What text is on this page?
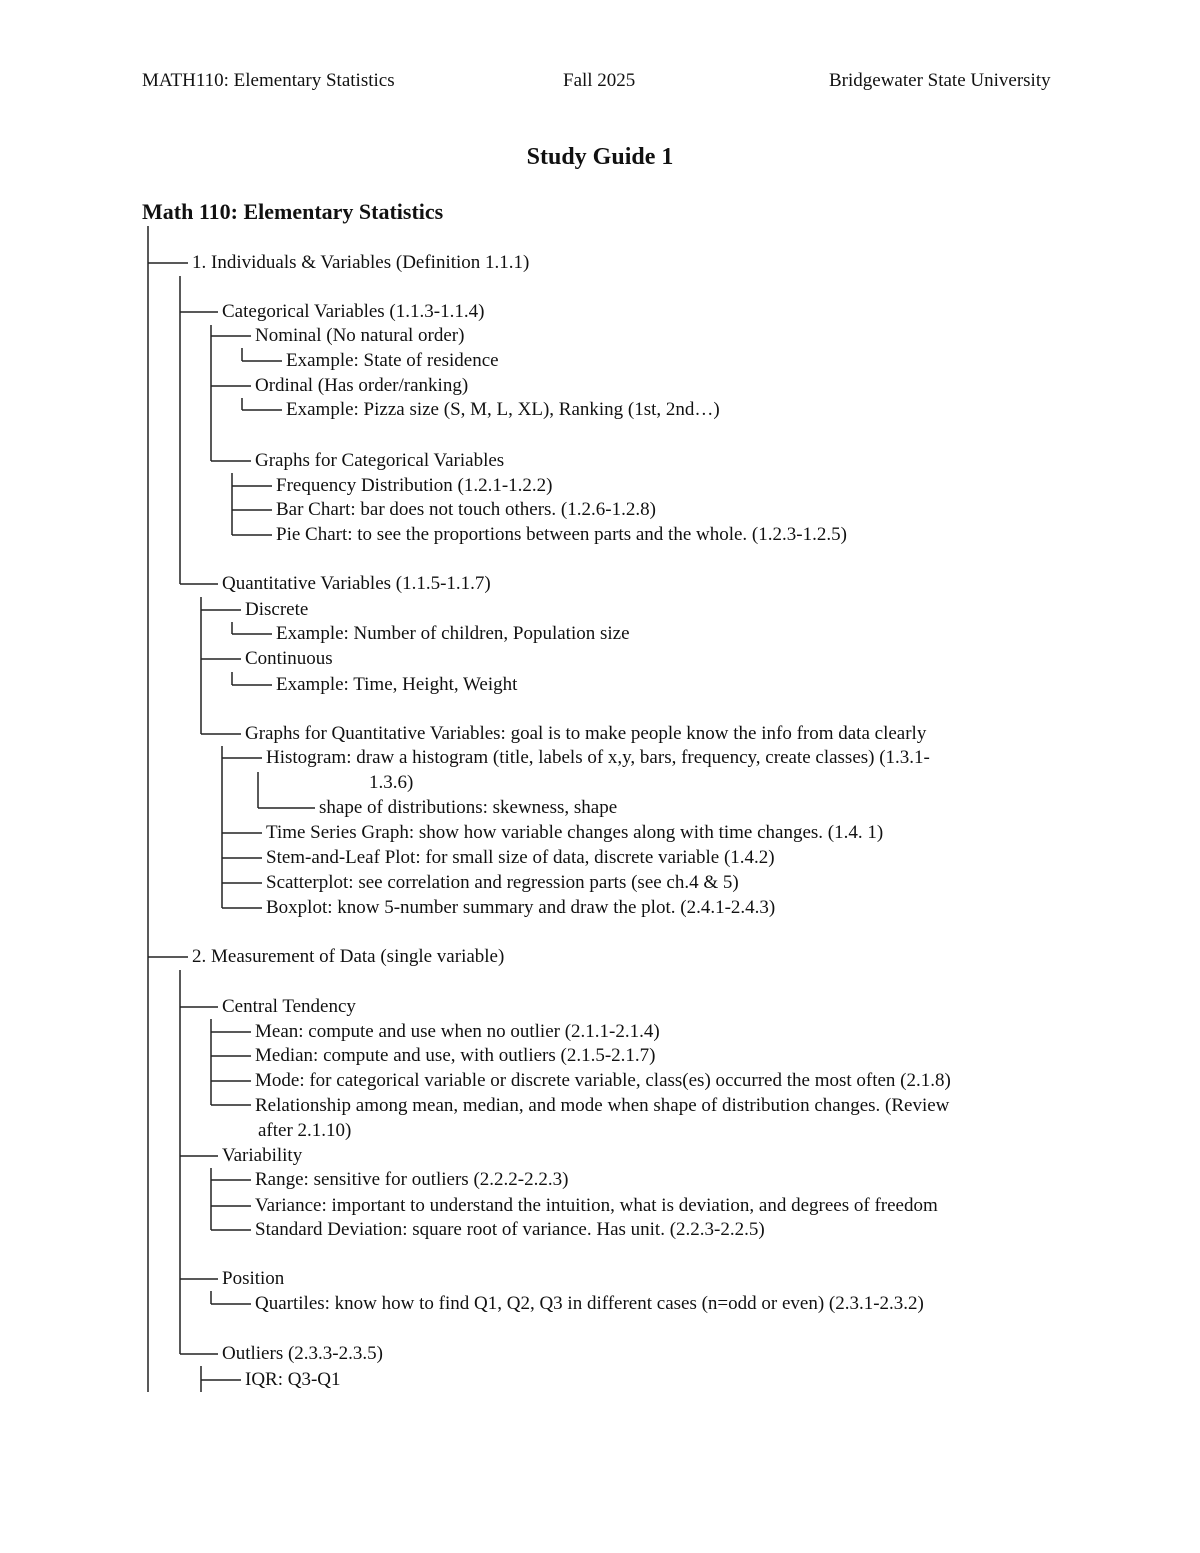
MATH110: Elementary Statistics	Fall 2025	Bridgewater State University
Study Guide 1
Math 110: Elementary Statistics
1. Individuals & Variables (Definition 1.1.1)
Categorical Variables (1.1.3-1.1.4)
Nominal (No natural order)
Example: State of residence
Ordinal (Has order/ranking)
Example: Pizza size (S, M, L, XL), Ranking (1st, 2nd…)
Graphs for Categorical Variables
Frequency Distribution (1.2.1-1.2.2)
Bar Chart: bar does not touch others. (1.2.6-1.2.8)
Pie Chart: to see the proportions between parts and the whole. (1.2.3-1.2.5)
Quantitative Variables (1.1.5-1.1.7)
Discrete
Example: Number of children, Population size
Continuous
Example: Time, Height, Weight
Graphs for Quantitative Variables: goal is to make people know the info from data clearly
Histogram: draw a histogram (title, labels of x,y, bars, frequency, create classes) (1.3.1-
1.3.6)
shape of distributions: skewness, shape
Time Series Graph: show how variable changes along with time changes. (1.4. 1)
Stem-and-Leaf Plot: for small size of data, discrete variable (1.4.2)
Scatterplot: see correlation and regression parts (see ch.4 & 5)
Boxplot: know 5-number summary and draw the plot. (2.4.1-2.4.3)
2. Measurement of Data (single variable)
Central Tendency
Mean: compute and use when no outlier (2.1.1-2.1.4)
Median: compute and use, with outliers (2.1.5-2.1.7)
Mode: for categorical variable or discrete variable, class(es) occurred the most often (2.1.8)
Relationship among mean, median, and mode when shape of distribution changes. (Review
after 2.1.10)
Variability
Range: sensitive for outliers (2.2.2-2.2.3)
Variance: important to understand the intuition, what is deviation, and degrees of freedom
Standard Deviation: square root of variance. Has unit. (2.2.3-2.2.5)
Position
Quartiles: know how to find Q1, Q2, Q3 in different cases (n=odd or even) (2.3.1-2.3.2)
Outliers (2.3.3-2.3.5)
IQR: Q3-Q1
